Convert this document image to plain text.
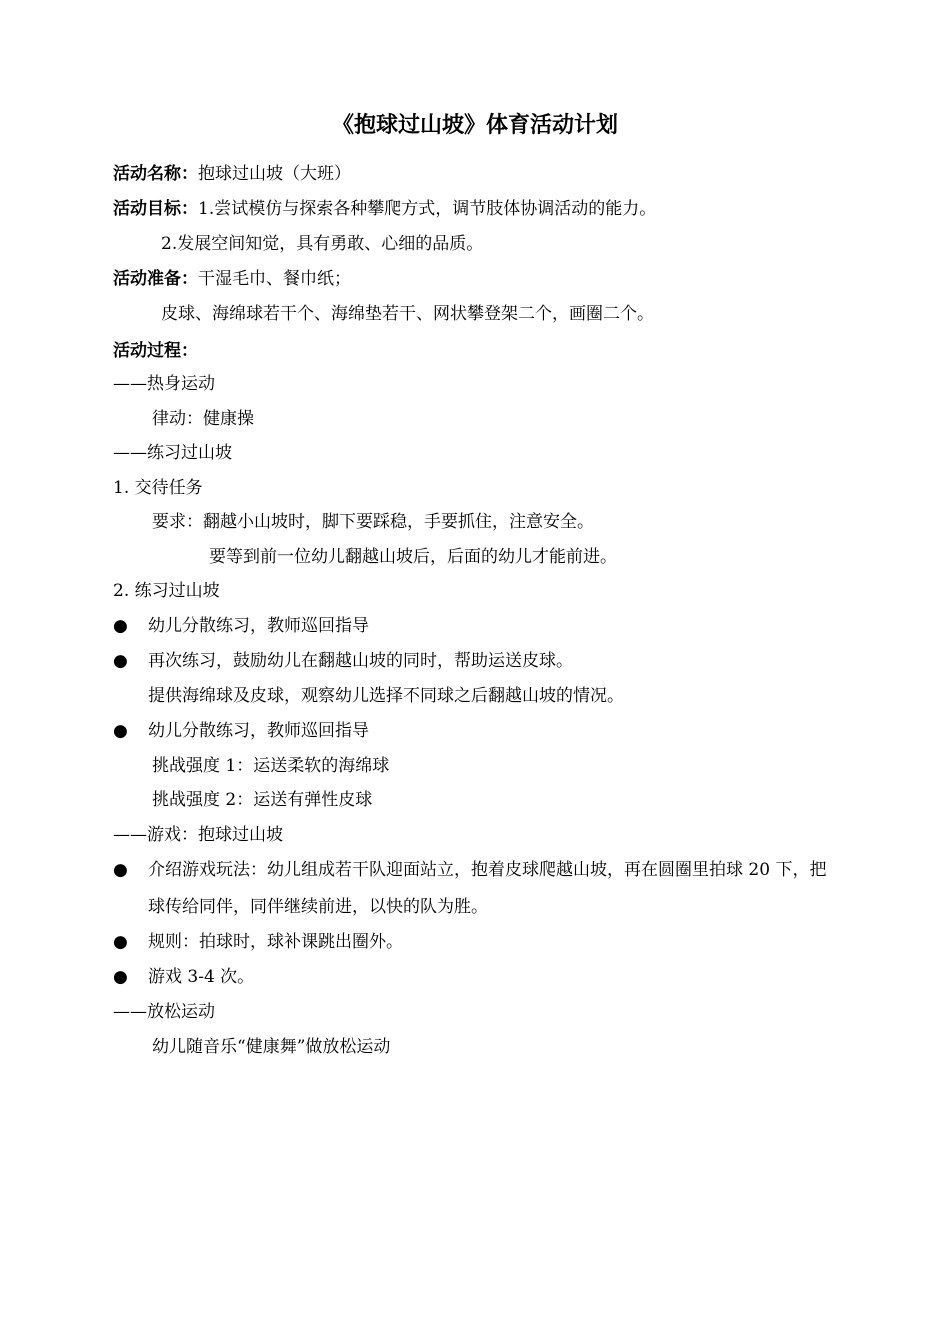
《抱球过山坡》体育活动计划
活动名称：抱球过山坡（大班）
活动目标：1.尝试模仿与探索各种攀爬方式，调节肢体协调活动的能力。
2.发展空间知觉，具有勇敢、心细的品质。
活动准备：干湿毛巾、餐巾纸；
皮球、海绵球若干个、海绵垫若干、网状攀登架二个，画圈二个。
活动过程：
——热身运动
律动：健康操
——练习过山坡
1. 交待任务
要求：翻越小山坡时，脚下要踩稳，手要抓住，注意安全。
要等到前一位幼儿翻越山坡后，后面的幼儿才能前进。
2. 练习过山坡
● 幼儿分散练习，教师巡回指导
● 再次练习，鼓励幼儿在翻越山坡的同时，帮助运送皮球。
提供海绵球及皮球，观察幼儿选择不同球之后翻越山坡的情况。
● 幼儿分散练习，教师巡回指导
挑战强度 1：运送柔软的海绵球
挑战强度 2：运送有弹性皮球
——游戏：抱球过山坡
● 介绍游戏玩法：幼儿组成若干队迎面站立，抱着皮球爬越山坡，再在圆圈里拍球 20 下，把
球传给同伴，同伴继续前进，以快的队为胜。
● 规则：拍球时，球补课跳出圈外。
● 游戏 3-4 次。
——放松运动
幼儿随音乐“健康舞”做放松运动
